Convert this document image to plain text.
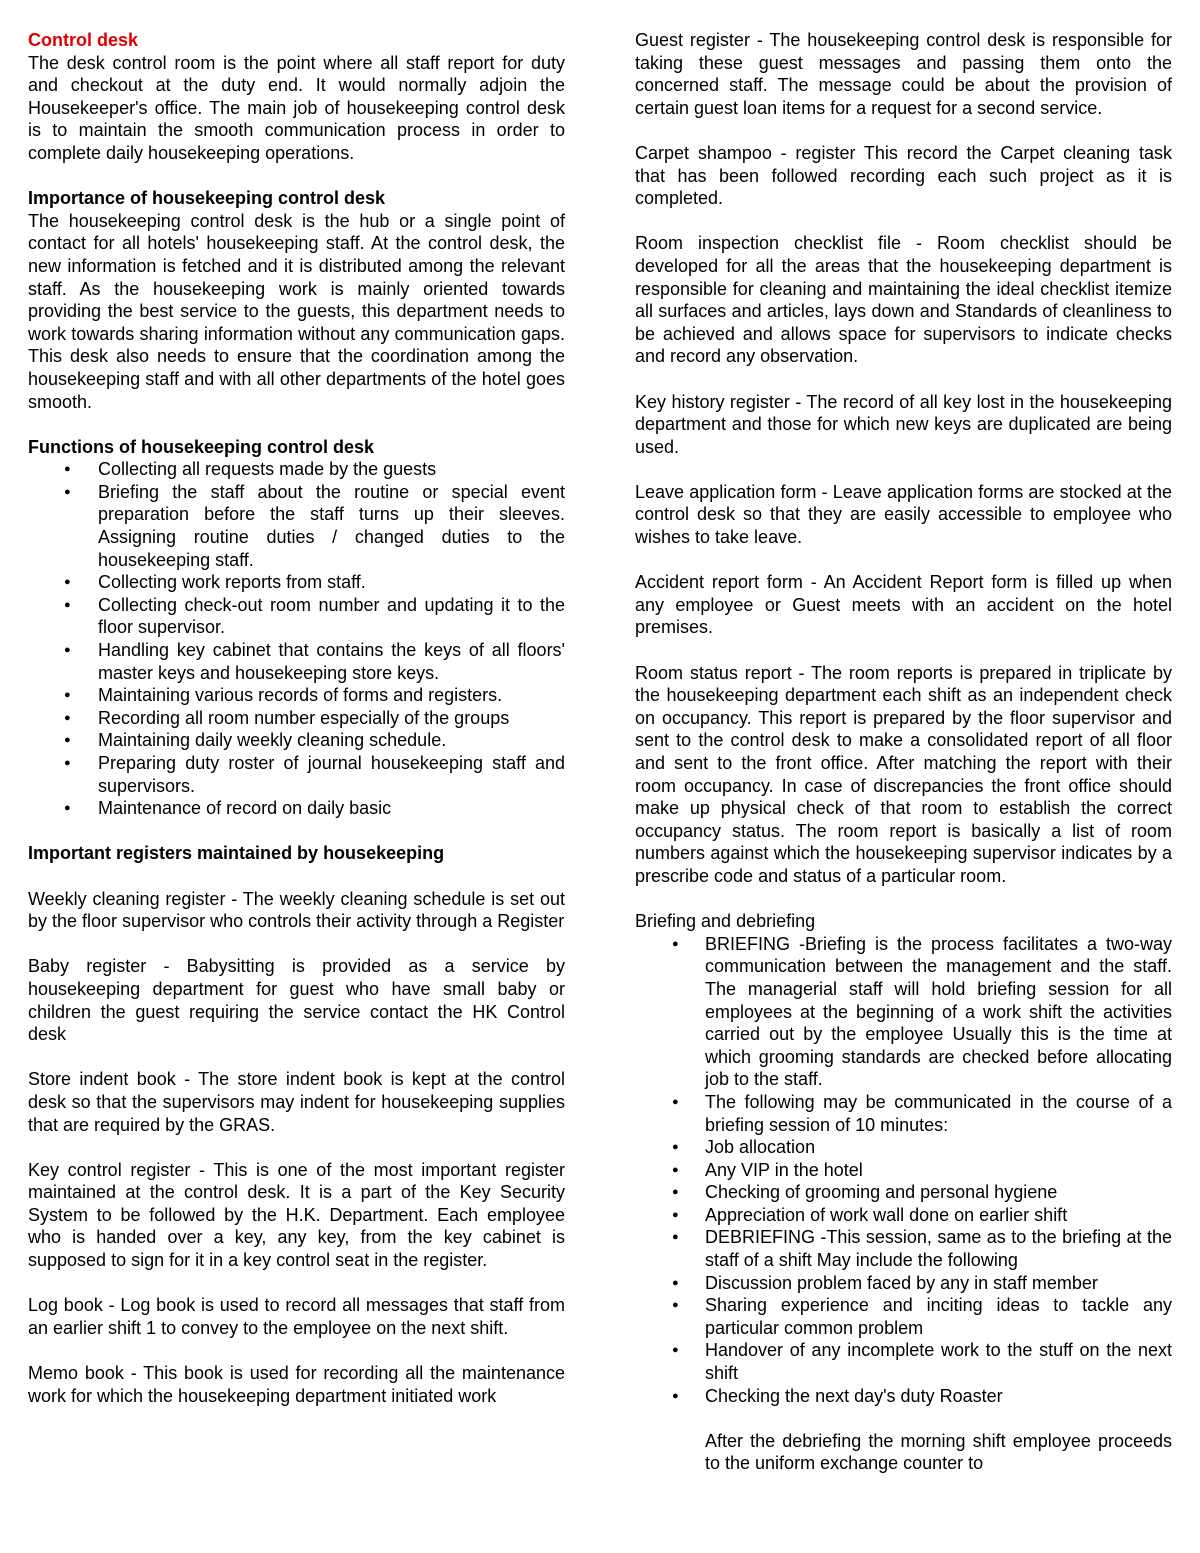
Control desk

The desk control room is the point where all staff report for duty and checkout at the duty end. It would normally adjoin the Housekeeper's office. The main job of housekeeping control desk is to maintain the smooth communication process in order to complete daily housekeeping operations.

Importance of housekeeping control desk

The housekeeping control desk is the hub or a single point of contact for all hotels' housekeeping staff. At the control desk, the new information is fetched and it is distributed among the relevant staff. As the housekeeping work is mainly oriented towards providing the best service to the guests, this department needs to work towards sharing information without any communication gaps. This desk also needs to ensure that the coordination among the housekeeping staff and with all other departments of the hotel goes smooth.

Functions of housekeeping control desk

● Collecting all requests made by the guests
● Briefing the staff about the routine or special event preparation before the staff turns up their sleeves. Assigning routine duties / changed duties to the housekeeping staff.
● Collecting work reports from staff.
● Collecting check-out room number and updating it to the floor supervisor.
● Handling key cabinet that contains the keys of all floors' master keys and housekeeping store keys.
● Maintaining various records of forms and registers.
● Recording all room number especially of the groups
● Maintaining daily weekly cleaning schedule.
● Preparing duty roster of journal housekeeping staff and supervisors.
● Maintenance of record on daily basic

Important registers maintained by housekeeping

Weekly cleaning register - The weekly cleaning schedule is set out by the floor supervisor who controls their activity through a Register

Baby register - Babysitting is provided as a service by housekeeping department for guest who have small baby or children the guest requiring the service contact the HK Control desk

Store indent book - The store indent book is kept at the control desk so that the supervisors may indent for housekeeping supplies that are required by the GRAS.

Key control register - This is one of the most important register maintained at the control desk. It is a part of the Key Security System to be followed by the H.K. Department. Each employee who is handed over a key, any key, from the key cabinet is supposed to sign for it in a key control seat in the register.

Log book - Log book is used to record all messages that staff from an earlier shift 1 to convey to the employee on the next shift.

Memo book - This book is used for recording all the maintenance work for which the housekeeping department initiated work

Guest register - The housekeeping control desk is responsible for taking these guest messages and passing them onto the concerned staff. The message could be about the provision of certain guest loan items for a request for a second service.

Carpet shampoo - register This record the Carpet cleaning task that has been followed recording each such project as it is completed.

Room inspection checklist file - Room checklist should be developed for all the areas that the housekeeping department is responsible for cleaning and maintaining the ideal checklist itemize all surfaces and articles, lays down and Standards of cleanliness to be achieved and allows space for supervisors to indicate checks and record any observation.

Key history register - The record of all key lost in the housekeeping department and those for which new keys are duplicated are being used.

Leave application form - Leave application forms are stocked at the control desk so that they are easily accessible to employee who wishes to take leave.

Accident report form - An Accident Report form is filled up when any employee or Guest meets with an accident on the hotel premises.

Room status report - The room reports is prepared in triplicate by the housekeeping department each shift as an independent check on occupancy. This report is prepared by the floor supervisor and sent to the control desk to make a consolidated report of all floor and sent to the front office. After matching the report with their room occupancy. In case of discrepancies the front office should make up physical check of that room to establish the correct occupancy status. The room report is basically a list of room numbers against which the housekeeping supervisor indicates by a prescribe code and status of a particular room.

Briefing and debriefing

● BRIEFING -Briefing is the process facilitates a two-way communication between the management and the staff. The managerial staff will hold briefing session for all employees at the beginning of a work shift the activities carried out by the employee Usually this is the time at which grooming standards are checked before allocating job to the staff.
● The following may be communicated in the course of a briefing session of 10 minutes:
● Job allocation
● Any VIP in the hotel
● Checking of grooming and personal hygiene
● Appreciation of work wall done on earlier shift
● DEBRIEFING -This session, same as to the briefing at the staff of a shift May include the following
● Discussion problem faced by any in staff member
● Sharing experience and inciting ideas to tackle any particular common problem
● Handover of any incomplete work to the stuff on the next shift
● Checking the next day's duty Roaster

After the debriefing the morning shift employee proceeds to the uniform exchange counter to
